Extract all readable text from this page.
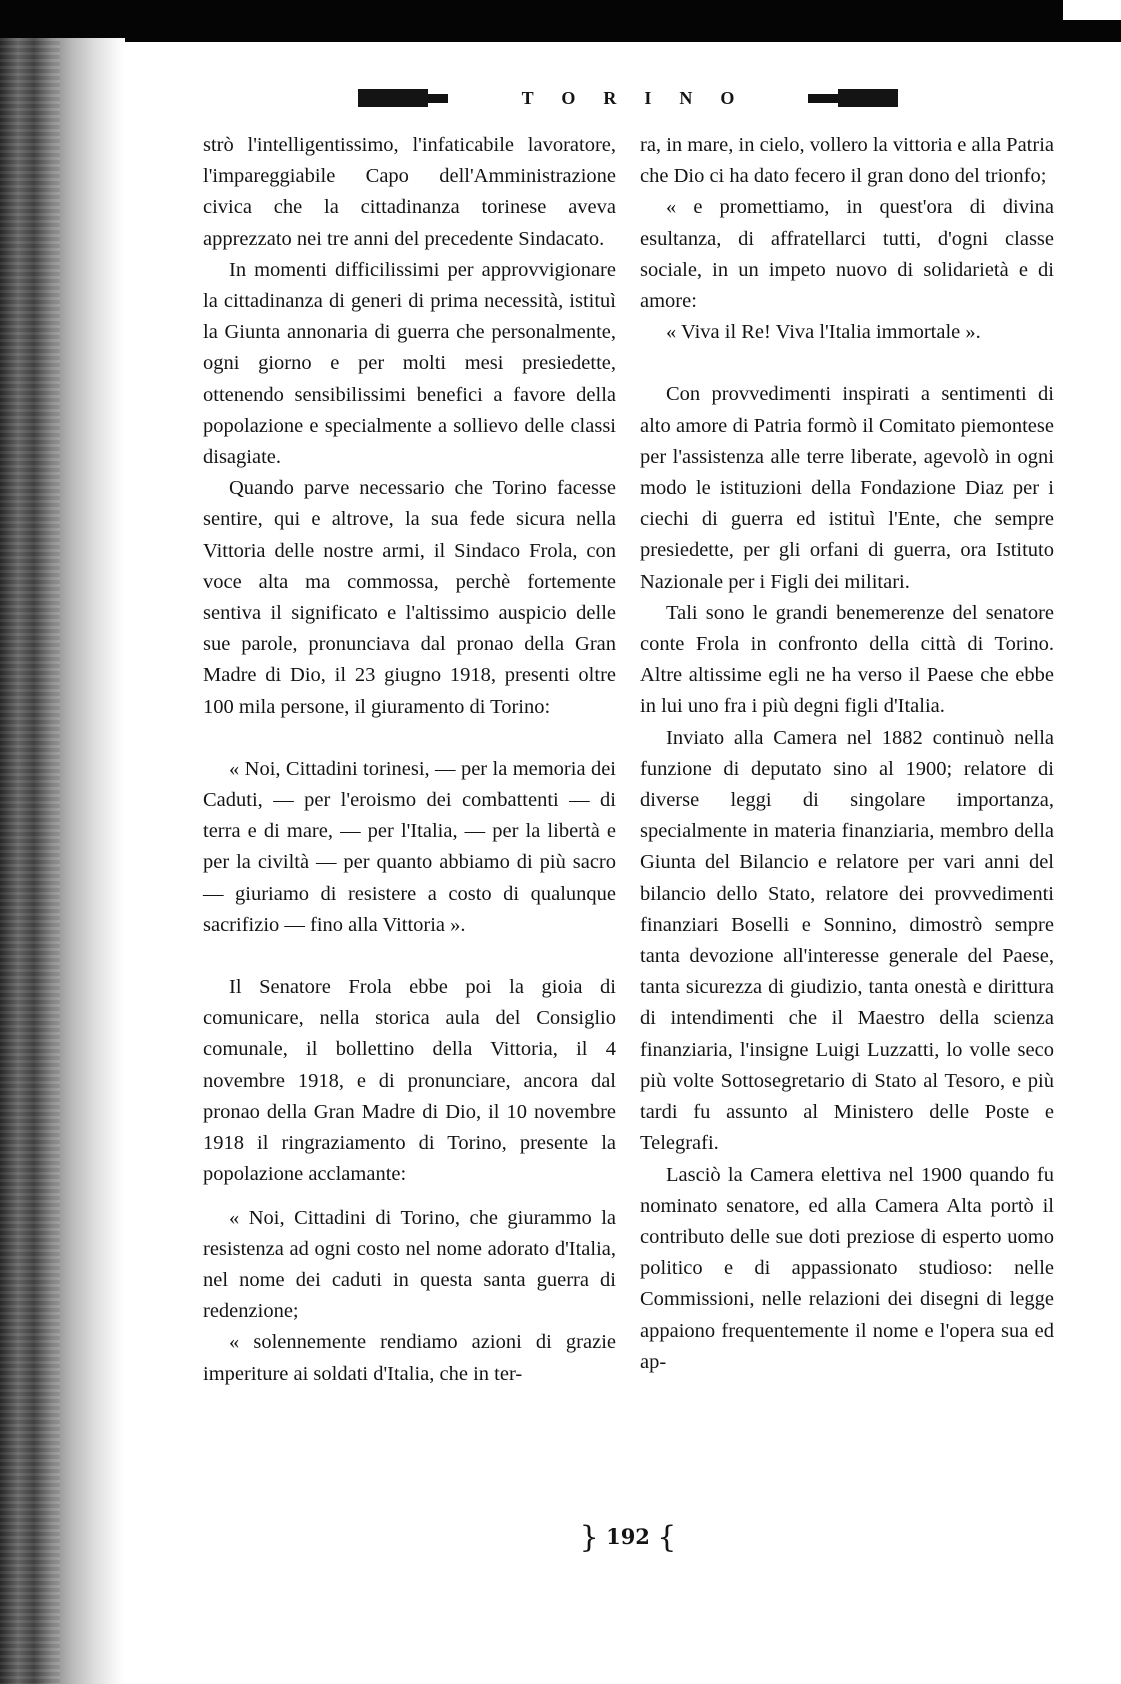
TORINO

strò l'intelligentissimo, l'infaticabile lavoratore, l'impareggiabile Capo dell'Amministrazione civica che la cittadinanza torinese aveva apprezzato nei tre anni del precedente Sindacato.

In momenti difficilissimi per approvvigionare la cittadinanza di generi di prima necessità, istituì la Giunta annonaria di guerra che personalmente, ogni giorno e per molti mesi presiedette, ottenendo sensibilissimi benefici a favore della popolazione e specialmente a sollievo delle classi disagiate.

Quando parve necessario che Torino facesse sentire, qui e altrove, la sua fede sicura nella Vittoria delle nostre armi, il Sindaco Frola, con voce alta ma commossa, perchè fortemente sentiva il significato e l'altissimo auspicio delle sue parole, pronunciava dal pronao della Gran Madre di Dio, il 23 giugno 1918, presenti oltre 100 mila persone, il giuramento di Torino:

« Noi, Cittadini torinesi, — per la memoria dei Caduti, — per l'eroismo dei combattenti — di terra e di mare, — per l'Italia, — per la libertà e per la civiltà — per quanto abbiamo di più sacro — giuriamo di resistere a costo di qualunque sacrifizio — fino alla Vittoria ».

Il Senatore Frola ebbe poi la gioia di comunicare, nella storica aula del Consiglio comunale, il bollettino della Vittoria, il 4 novembre 1918, e di pronunciare, ancora dal pronao della Gran Madre di Dio, il 10 novembre 1918 il ringraziamento di Torino, presente la popolazione acclamante:

« Noi, Cittadini di Torino, che giurammo la resistenza ad ogni costo nel nome adorato d'Italia, nel nome dei caduti in questa santa guerra di redenzione;

« solennemente rendiamo azioni di grazie imperiture ai soldati d'Italia, che in ter-

ra, in mare, in cielo, vollero la vittoria e alla Patria che Dio ci ha dato fecero il gran dono del trionfo;

« e promettiamo, in quest'ora di divina esultanza, di affratellarci tutti, d'ogni classe sociale, in un impeto nuovo di solidarietà e di amore:

« Viva il Re! Viva l'Italia immortale ».

Con provvedimenti inspirati a sentimenti di alto amore di Patria formò il Comitato piemontese per l'assistenza alle terre liberate, agevolò in ogni modo le istituzioni della Fondazione Diaz per i ciechi di guerra ed istituì l'Ente, che sempre presiedette, per gli orfani di guerra, ora Istituto Nazionale per i Figli dei militari.

Tali sono le grandi benemerenze del senatore conte Frola in confronto della città di Torino. Altre altissime egli ne ha verso il Paese che ebbe in lui uno fra i più degni figli d'Italia.

Inviato alla Camera nel 1882 continuò nella funzione di deputato sino al 1900; relatore di diverse leggi di singolare importanza, specialmente in materia finanziaria, membro della Giunta del Bilancio e relatore per vari anni del bilancio dello Stato, relatore dei provvedimenti finanziari Boselli e Sonnino, dimostrò sempre tanta devozione all'interesse generale del Paese, tanta sicurezza di giudizio, tanta onestà e dirittura di intendimenti che il Maestro della scienza finanziaria, l'insigne Luigi Luzzatti, lo volle seco più volte Sottosegretario di Stato al Tesoro, e più tardi fu assunto al Ministero delle Poste e Telegrafi.

Lasciò la Camera elettiva nel 1900 quando fu nominato senatore, ed alla Camera Alta portò il contributo delle sue doti preziose di esperto uomo politico e di appassionato studioso: nelle Commissioni, nelle relazioni dei disegni di legge appaiono frequentemente il nome e l'opera sua ed ap-

} 192 {
